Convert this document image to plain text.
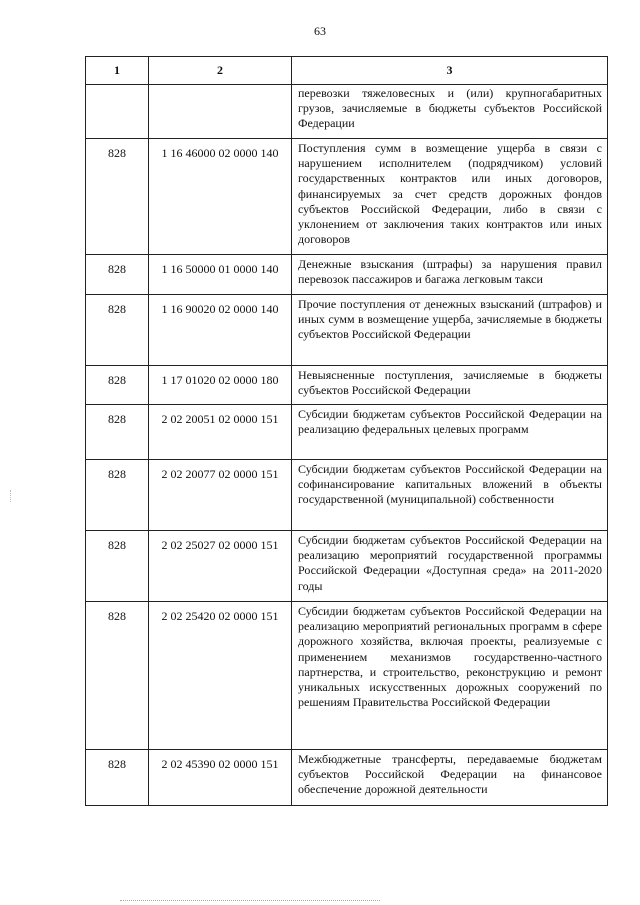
63
1	2	3
		перевозки тяжеловесных и (или) крупногабаритных грузов, зачисляемые в бюджеты субъектов Российской Федерации
828	1 16 46000 02 0000 140	Поступления сумм в возмещение ущерба в связи с нарушением исполнителем (подрядчиком) условий государственных контрактов или иных договоров, финансируемых за счет средств дорожных фондов субъектов Российской Федерации, либо в связи с уклонением от заключения таких контрактов или иных договоров
828	1 16 50000 01 0000 140	Денежные взыскания (штрафы) за нарушения правил перевозок пассажиров и багажа легковым такси
828	1 16 90020 02 0000 140	Прочие поступления от денежных взысканий (штрафов) и иных сумм в возмещение ущерба, зачисляемые в бюджеты субъектов Российской Федерации
828	1 17 01020 02 0000 180	Невыясненные поступления, зачисляемые в бюджеты субъектов Российской Федерации
828	2 02 20051 02 0000 151	Субсидии бюджетам субъектов Российской Федерации на реализацию федеральных целевых программ
828	2 02 20077 02 0000 151	Субсидии бюджетам субъектов Российской Федерации на софинансирование капитальных вложений в объекты государственной (муниципальной) собственности
828	2 02 25027 02 0000 151	Субсидии бюджетам субъектов Российской Федерации на реализацию мероприятий государственной программы Российской Федерации «Доступная среда» на 2011-2020 годы
828	2 02 25420 02 0000 151	Субсидии бюджетам субъектов Российской Федерации на реализацию мероприятий региональных программ в сфере дорожного хозяйства, включая проекты, реализуемые с применением механизмов государственно-частного партнерства, и строительство, реконструкцию и ремонт уникальных искусственных дорожных сооружений по решениям Правительства Российской Федерации
828	2 02 45390 02 0000 151	Межбюджетные трансферты, передаваемые бюджетам субъектов Российской Федерации на финансовое обеспечение дорожной деятельности
